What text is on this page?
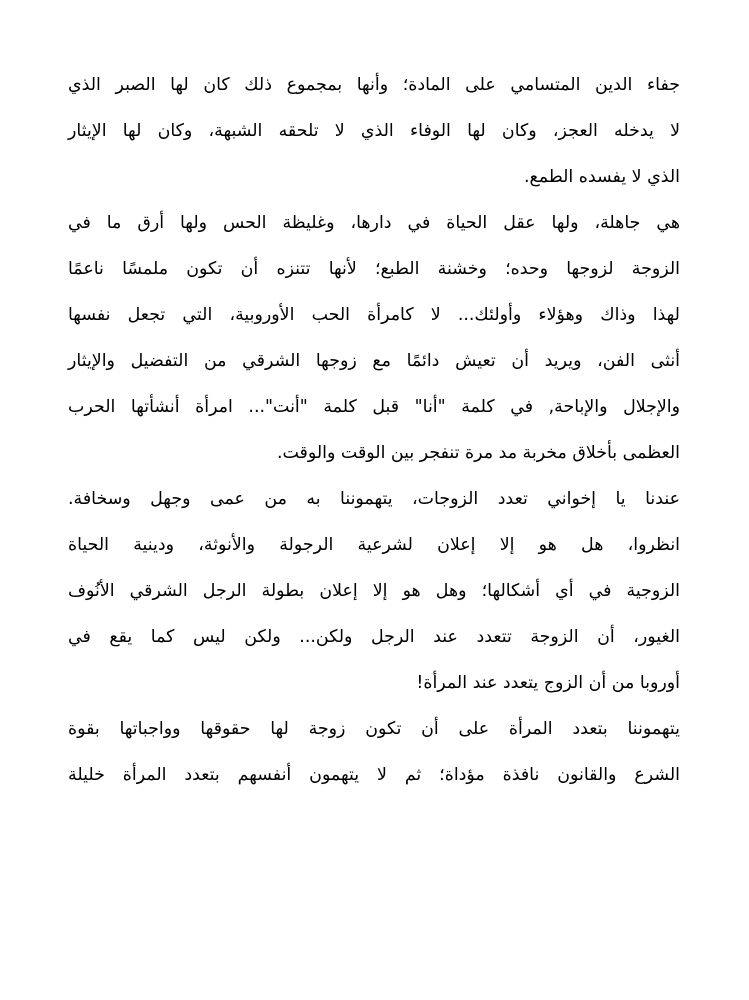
جفاء الدين المتسامي على المادة؛ وأنها بمجموع ذلك كان لها الصبر الذي
لا يدخله العجز، وكان لها الوفاء الذي لا تلحقه الشبهة، وكان لها الإيثار
الذي لا يفسده الطمع.
هي جاهلة، ولها عقل الحياة في دارها، وغليظة الحس ولها أرق ما في
الزوجة لزوجها وحده؛ وخشنة الطبع؛ لأنها تتنزه أن تكون ملمسًا ناعمًا
لهذا وذاك وهؤلاء وأولئك... لا كامرأة الحب الأوروبية، التي تجعل نفسها
أنثى الفن، ويريد أن تعيش دائمًا مع زوجها الشرقي من التفضيل والإيثار
والإجلال والإباحة, في كلمة "أنا" قبل كلمة "أنت"... امرأة أنشأتها الحرب
العظمى بأخلاق مخربة مد مرة تنفجر بين الوقت والوقت.
عندنا يا إخواني تعدد الزوجات، يتهموننا به من عمى وجهل وسخافة.
انظروا، هل هو إلا إعلان لشرعية الرجولة والأنوثة، ودينية الحياة
الزوجية في أي أشكالها؛ وهل هو إلا إعلان بطولة الرجل الشرقي الأنُوف
الغيور، أن الزوجة تتعدد عند الرجل ولكن... ولكن ليس كما يقع في
أوروبا من أن الزوج يتعدد عند المرأة!
يتهموننا بتعدد المرأة على أن تكون زوجة لها حقوقها وواجباتها بقوة
الشرع والقانون نافذة مؤداة؛ ثم لا يتهمون أنفسهم بتعدد المرأة خليلة
